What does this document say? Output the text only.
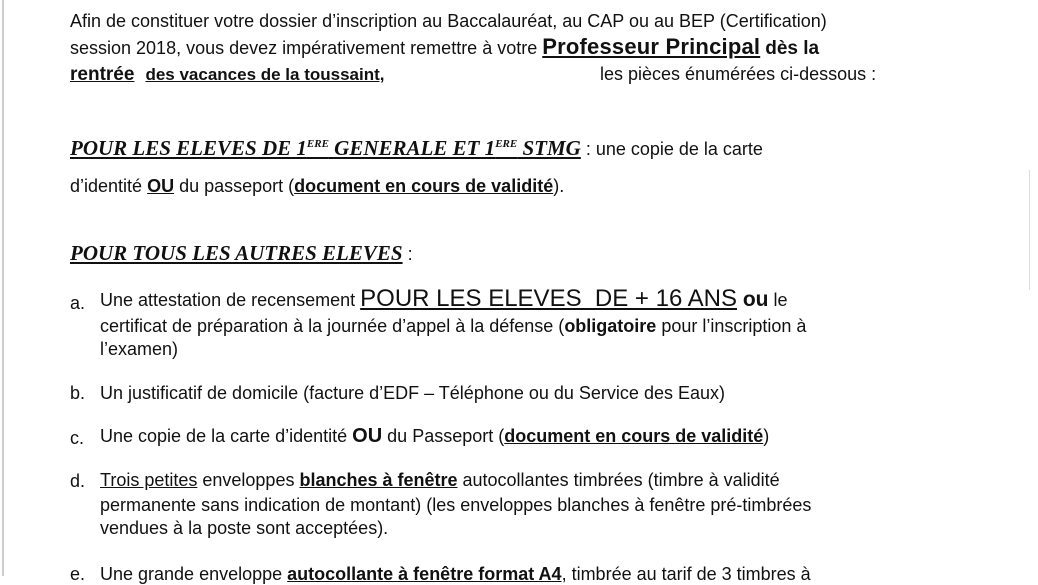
Afin de constituer votre dossier d’inscription au Baccalauréat, au CAP ou au BEP (Certification)
session 2018, vous devez impérativement remettre à votre Professeur Principal dès la
rentrée des vacances de la toussaint,	les pièces énumérées ci-dessous :
POUR LES ELEVES DE 1ERE GENERALE ET 1ERE STMG : une copie de la carte
d’identité OU du passeport (document en cours de validité).
POUR TOUS LES AUTRES ELEVES :
a. Une attestation de recensement POUR LES ELEVES  DE + 16 ANS ou le
certificat de préparation à la journée d’appel à la défense (obligatoire pour l’inscription à
l’examen)
b. Un justificatif de domicile (facture d’EDF – Téléphone ou du Service des Eaux)
c. Une copie de la carte d’identité OU du Passeport (document en cours de validité)
d. Trois petites enveloppes blanches à fenêtre autocollantes timbrées (timbre à validité
permanente sans indication de montant) (les enveloppes blanches à fenêtre pré-timbrées
vendues à la poste sont acceptées).
e. Une grande enveloppe autocollante à fenêtre format A4, timbrée au tarif de 3 timbres à
